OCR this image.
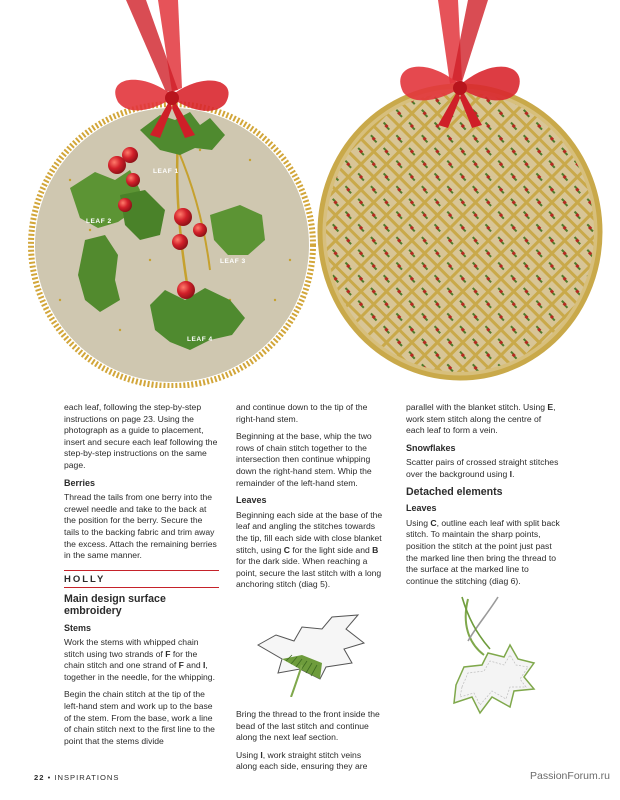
LEAF 1
LEAF 2
LEAF 3
LEAF 4

each leaf, following the step-by-step instructions on page 23. Using the photograph as a guide to placement, insert and secure each leaf following the step-by-step instructions on the same page.

Berries

Thread the tails from one berry into the crewel needle and take to the back at the position for the berry. Secure the tails to the backing fabric and trim away the excess. Attach the remaining berries in the same manner.

HOLLY
Main design surface embroidery
Stems

Work the stems with whipped chain stitch using two strands of F for the chain stitch and one strand of F and I, together in the needle, for the whipping.

Begin the chain stitch at the tip of the left-hand stem and work up to the base of the stem. From the base, work a line of chain stitch next to the first line to the point that the stems divide

and continue down to the tip of the right-hand stem.

Beginning at the base, whip the two rows of chain stitch together to the intersection then continue whipping down the right-hand stem. Whip the remainder of the left-hand stem.

Leaves

Beginning each side at the base of the leaf and angling the stitches towards the tip, fill each side with close blanket stitch, using C for the light side and B for the dark side. When reaching a point, secure the last stitch with a long anchoring stitch (diag 5).

Bring the thread to the front inside the bead of the last stitch and continue along the next leaf section.

Using I, work straight stitch veins along each side, ensuring they are

parallel with the blanket stitch. Using E, work stem stitch along the centre of each leaf to form a vein.

Snowflakes

Scatter pairs of crossed straight stitches over the background using I.

Detached elements
Leaves

Using C, outline each leaf with split back stitch. To maintain the sharp points, position the stitch at the point just past the marked line then bring the thread to the surface at the marked line to continue the stitching (diag 6).

22 • INSPIRATIONS	PassionForum.ru
